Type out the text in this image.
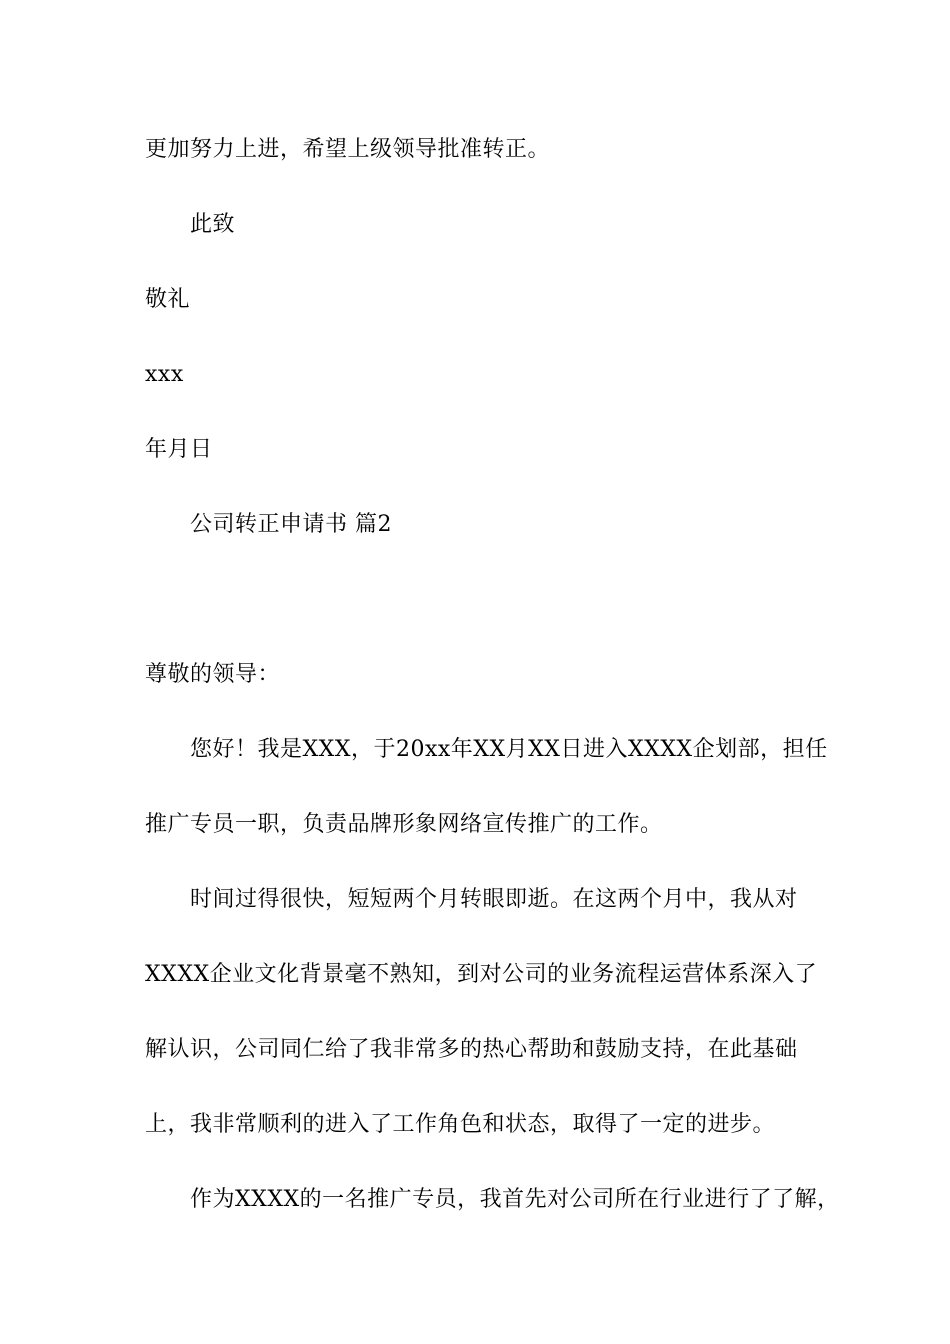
更加努力上进，希望上级领导批准转正。
此致
敬礼
xxx
年月日
公司转正申请书 篇2
尊敬的领导：
您好！我是XXX，于20xx年XX月XX日进入XXXX企划部，担任
推广专员一职，负责品牌形象网络宣传推广的工作。
时间过得很快，短短两个月转眼即逝。在这两个月中，我从对
XXXX企业文化背景毫不熟知，到对公司的业务流程运营体系深入了
解认识，公司同仁给了我非常多的热心帮助和鼓励支持，在此基础
上，我非常顺利的进入了工作角色和状态，取得了一定的进步。
作为XXXX的一名推广专员，我首先对公司所在行业进行了了解，
